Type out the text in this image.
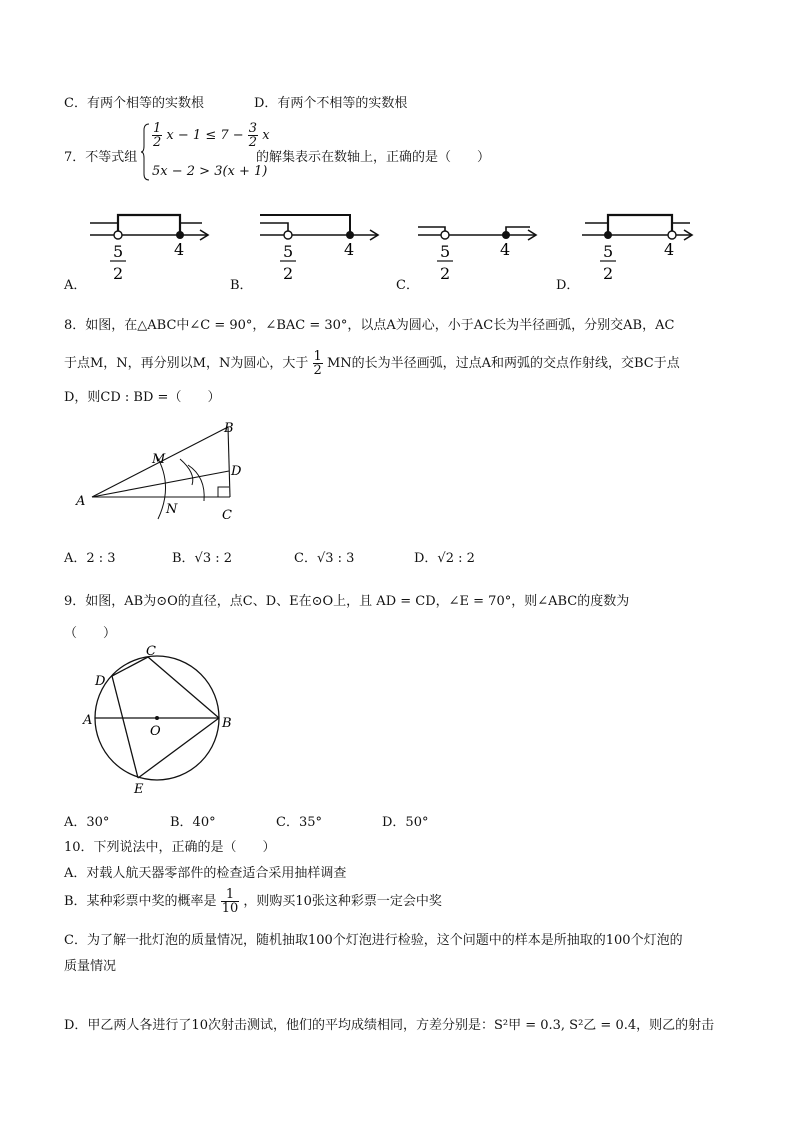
C．有两个相等的实数根	D．有两个不相等的实数根
7．不等式组
$\frac{1}{2}$ $x - 1 \le 7 - \frac{3}{2}$ x
5x − 2 > 3(x + 1)
的解集表示在数轴上，正确的是（　　）
5
2
4	5
2
4	5
2
4	5
2
4
A．	B．	C．	D．
8．如图，在△ABC中∠C = 90°，∠BAC = 30°，以点A为圆心，小于AC长为半径画弧，分别交AB，AC
于点M，N，再分别以M，N为圆心，大于 $\frac{1}{2}$ MN的长为半径画弧，过点A和两弧的交点作射线，交BC于点
D，则CD : BD =（　　）
A
B
C
D
M
N
A．2 : 3	B．√3 : 2	C．√3 : 3	D．√2 : 2
9．如图，AB为⊙O的直径，点C、D、E在⊙O上，且 AD = CD，∠E = 70°，则∠ABC的度数为
（　　）
A	B
C
D
E
O
A．30°	B．40°	C．35°	D．50°
10．下列说法中，正确的是（　　）
A．对载人航天器零部件的检查适合采用抽样调查
B．某种彩票中奖的概率是 $\frac{1}{10}$ ，则购买10张这种彩票一定会中奖
C．为了解一批灯泡的质量情况，随机抽取100个灯泡进行检验，这个问题中的样本是所抽取的100个灯泡的
质量情况
D．甲乙两人各进行了10次射击测试，他们的平均成绩相同，方差分别是：S²甲 = 0.3, S²乙 = 0.4，则乙的射击
